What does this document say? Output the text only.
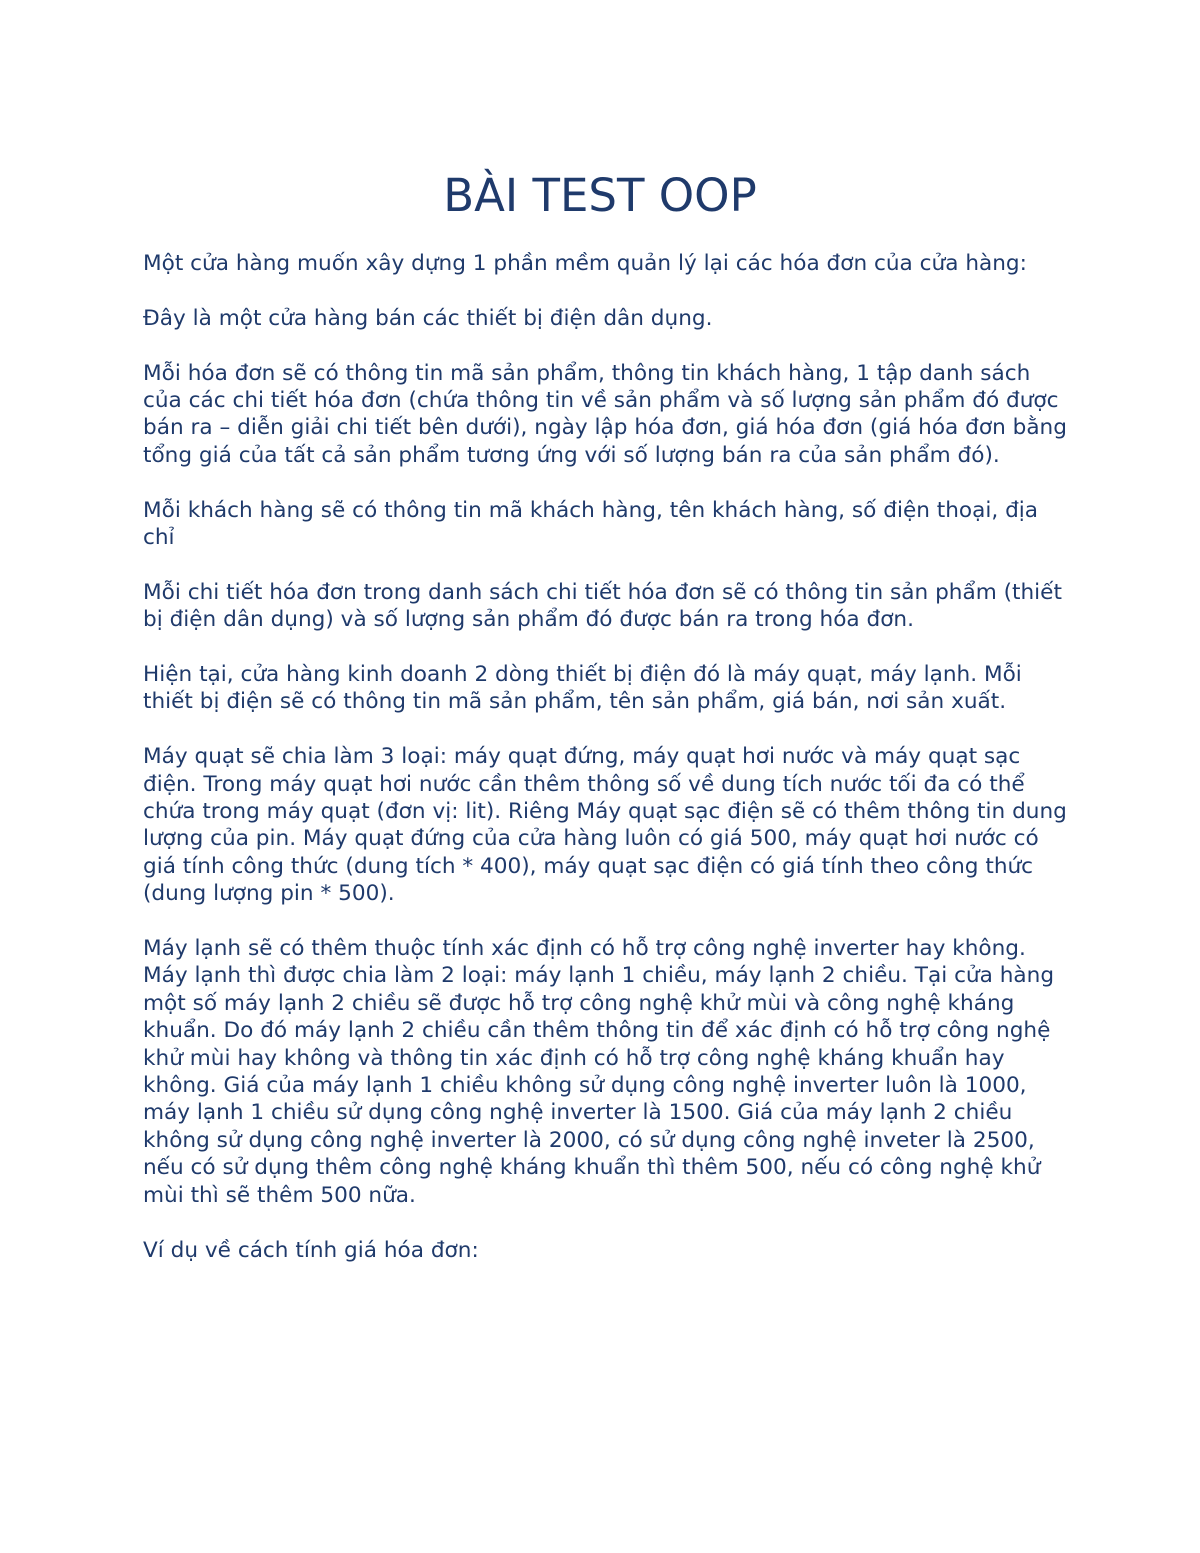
BÀI TEST OOP

Một cửa hàng muốn xây dựng 1 phần mềm quản lý lại các hóa đơn của cửa hàng:

Đây là một cửa hàng bán các thiết bị điện dân dụng.

Mỗi hóa đơn sẽ có thông tin mã sản phẩm, thông tin khách hàng, 1 tập danh sách của các chi tiết hóa đơn (chứa thông tin về sản phẩm và số lượng sản phẩm đó được bán ra – diễn giải chi tiết bên dưới), ngày lập hóa đơn, giá hóa đơn (giá hóa đơn bằng tổng giá của tất cả sản phẩm tương ứng với số lượng bán ra của sản phẩm đó).

Mỗi khách hàng sẽ có thông tin mã khách hàng, tên khách hàng, số điện thoại, địa chỉ

Mỗi chi tiết hóa đơn trong danh sách chi tiết hóa đơn sẽ có thông tin sản phẩm (thiết bị điện dân dụng) và số lượng sản phẩm đó được bán ra trong hóa đơn.

Hiện tại, cửa hàng kinh doanh 2 dòng thiết bị điện đó là máy quạt, máy lạnh. Mỗi thiết bị điện sẽ có thông tin mã sản phẩm, tên sản phẩm, giá bán, nơi sản xuất.

Máy quạt sẽ chia làm 3 loại: máy quạt đứng, máy quạt hơi nước và máy quạt sạc điện. Trong máy quạt hơi nước cần thêm thông số về dung tích nước tối đa có thể chứa trong máy quạt (đơn vị: lit). Riêng Máy quạt sạc điện sẽ có thêm thông tin dung lượng của pin. Máy quạt đứng của cửa hàng luôn có giá 500, máy quạt hơi nước có giá tính công thức (dung tích * 400), máy quạt sạc điện có giá tính theo công thức (dung lượng pin * 500).

Máy lạnh sẽ có thêm thuộc tính xác định có hỗ trợ công nghệ inverter hay không. Máy lạnh thì được chia làm 2 loại: máy lạnh 1 chiều, máy lạnh 2 chiều. Tại cửa hàng một số máy lạnh 2 chiều sẽ được hỗ trợ công nghệ khử mùi và công nghệ kháng khuẩn. Do đó máy lạnh 2 chiều cần thêm thông tin để xác định có hỗ trợ công nghệ khử mùi hay không và thông tin xác định có hỗ trợ công nghệ kháng khuẩn hay không. Giá của máy lạnh 1 chiều không sử dụng công nghệ inverter luôn là 1000, máy lạnh 1 chiều sử dụng công nghệ inverter là 1500. Giá của máy lạnh 2 chiều không sử dụng công nghệ inverter là 2000, có sử dụng công nghệ inveter là 2500, nếu có sử dụng thêm công nghệ kháng khuẩn thì thêm 500, nếu có công nghệ khử mùi thì sẽ thêm 500 nữa.

Ví dụ về cách tính giá hóa đơn:
